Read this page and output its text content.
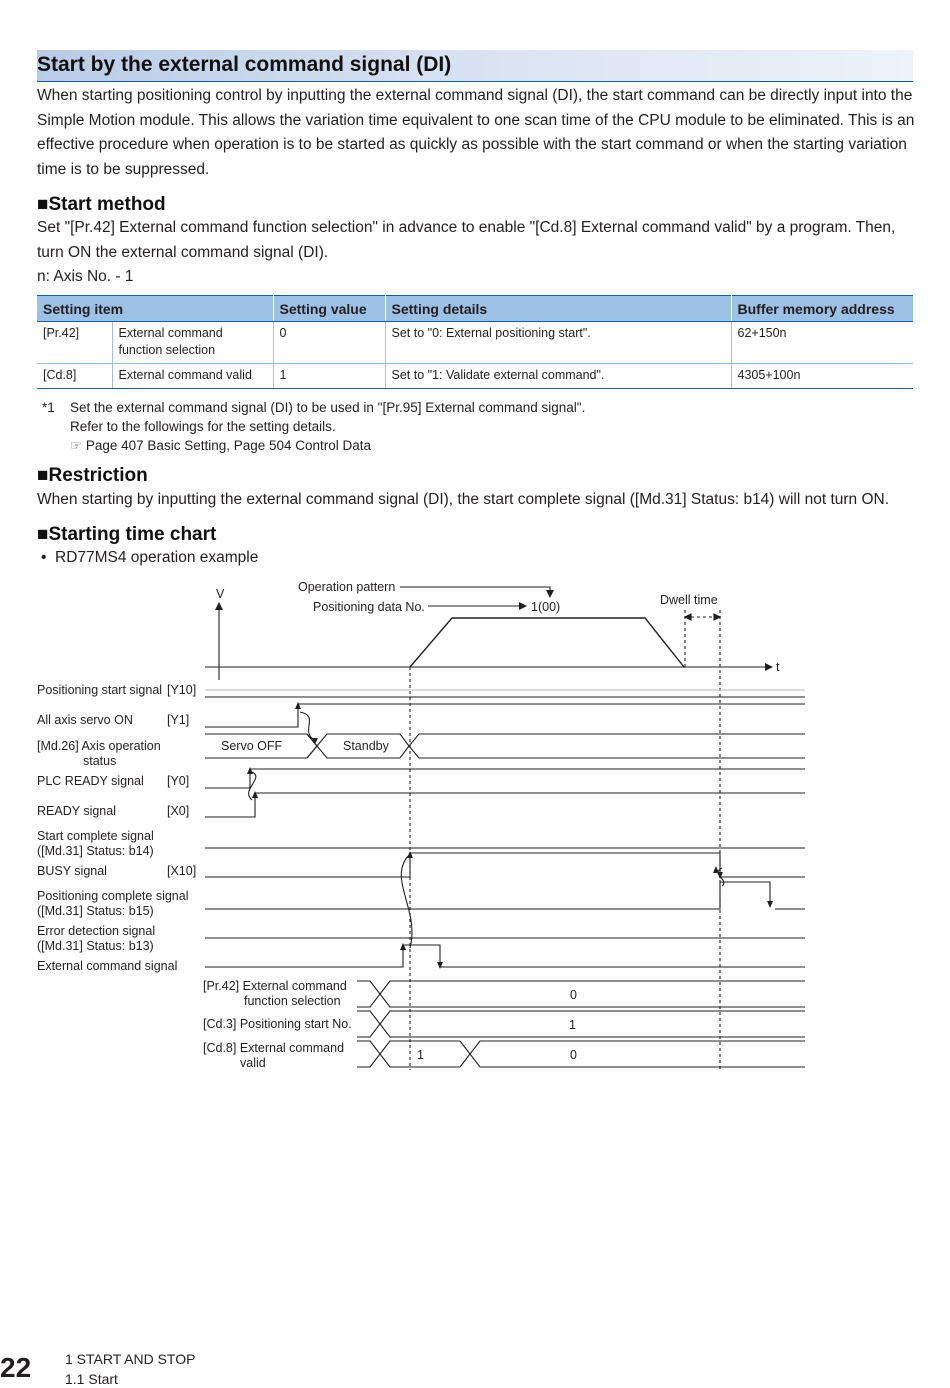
Start by the external command signal (DI)
When starting positioning control by inputting the external command signal (DI), the start command can be directly input into the Simple Motion module. This allows the variation time equivalent to one scan time of the CPU module to be eliminated. This is an effective procedure when operation is to be started as quickly as possible with the start command or when the starting variation time is to be suppressed.
■Start method
Set "[Pr.42] External command function selection" in advance to enable "[Cd.8] External command valid" by a program. Then, turn ON the external command signal (DI).
n: Axis No. - 1
Setting item		Setting value	Setting details	Buffer memory address
[Pr.42]	External command function selection	0	Set to "0: External positioning start".	62+150n
[Cd.8]	External command valid	1	Set to "1: Validate external command".	4305+100n
*1 Set the external command signal (DI) to be used in "[Pr.95] External command signal".
Refer to the followings for the setting details.
☞ Page 407 Basic Setting, Page 504 Control Data
■Restriction
When starting by inputting the external command signal (DI), the start complete signal ([Md.31] Status: b14) will not turn ON.
■Starting time chart
• RD77MS4 operation example
Positioning start signal [Y10]
All axis servo ON	[Y1]
[Md.26] Axis operation
status
PLC READY signal [Y0]
READY signal	[X0]
Start complete signal
([Md.31] Status: b14)
BUSY signal	[X10]
Positioning complete signal
([Md.31] Status: b15)
Error detection signal
([Md.31] Status: b13)
External command signal
[Pr.42] External command
function selection
[Cd.3] Positioning start No.
[Cd.8] External command
valid
V
t
Operation pattern
Positioning data No.	1(00)	Dwell time
Servo OFF	Standby
0
1
1	0
22 1 START AND STOP
1.1 Start
